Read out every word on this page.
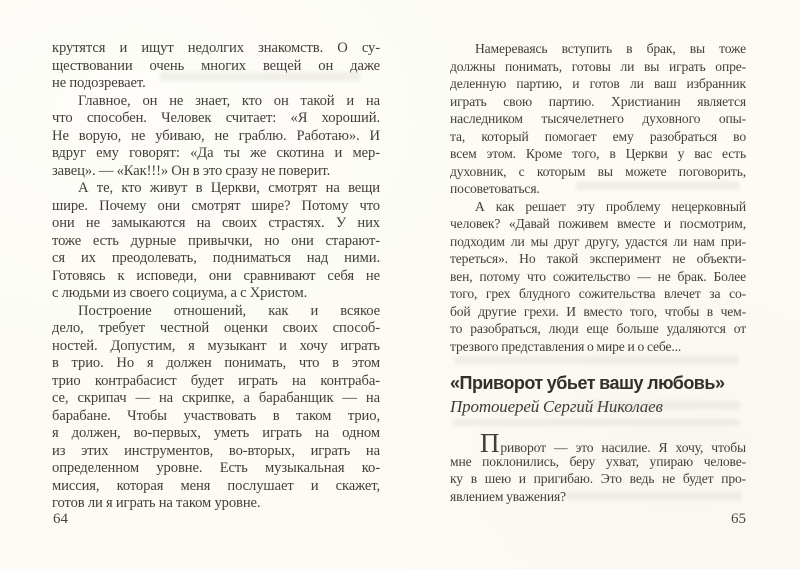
крутятся и ищут недолгих знакомств. О су-
ществовании очень многих вещей он даже
не подозревает.
Главное, он не знает, кто он такой и на
что способен. Человек считает: «Я хороший.
Не ворую, не убиваю, не граблю. Работаю». И
вдруг ему говорят: «Да ты же скотина и мер-
завец». — «Как!!!» Он в это сразу не поверит.
А те, кто живут в Церкви, смотрят на вещи
шире. Почему они смотрят шире? Потому что
они не замыкаются на своих страстях. У них
тоже есть дурные привычки, но они старают-
ся их преодолевать, подниматься над ними.
Готовясь к исповеди, они сравнивают себя не
с людьми из своего социума, а с Христом.
Построение отношений, как и всякое
дело, требует честной оценки своих способ-
ностей. Допустим, я музыкант и хочу играть
в трио. Но я должен понимать, что в этом
трио контрабасист будет играть на контраба-
се, скрипач — на скрипке, а барабанщик — на
барабане. Чтобы участвовать в таком трио,
я должен, во-первых, уметь играть на одном
из этих инструментов, во-вторых, играть на
определенном уровне. Есть музыкальная ко-
миссия, которая меня послушает и скажет,
готов ли я играть на таком уровне.
Намереваясь вступить в брак, вы тоже
должны понимать, готовы ли вы играть опре-
деленную партию, и готов ли ваш избранник
играть свою партию. Христианин является
наследником тысячелетнего духовного опы-
та, который помогает ему разобраться во
всем этом. Кроме того, в Церкви у вас есть
духовник, с которым вы можете поговорить,
посоветоваться.
А как решает эту проблему нецерковный
человек? «Давай поживем вместе и посмотрим,
подходим ли мы друг другу, удастся ли нам при-
тереться». Но такой эксперимент не объекти-
вен, потому что сожительство — не брак. Более
того, грех блудного сожительства влечет за со-
бой другие грехи. И вместо того, чтобы в чем-
то разобраться, люди еще больше удаляются от
трезвого представления о мире и о себе...
«Приворот убьет вашу любовь»
Протоиерей Сергий Николаев
Приворот — это насилие. Я хочу, чтобы
мне поклонились, беру ухват, упираю челове-
ку в шею и пригибаю. Это ведь не будет про-
явлением уважения?
64	65
